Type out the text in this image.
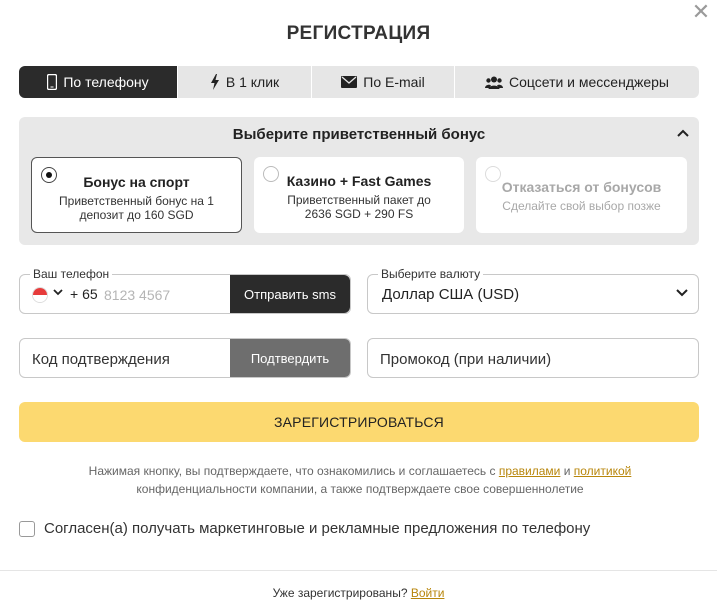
✕
РЕГИСТРАЦИЯ
По телефону	В 1 клик	По E-mail	Соцсети и мессенджеры
Выберите приветственный бонус
Бонус на спорт
Приветственный бонус на 1
депозит до 160 SGD
Казино + Fast Games
Приветственный пакет до
2636 SGD + 290 FS
Отказаться от бонусов
Сделайте свой выбор позже
Ваш телефон
+ 65
8123 4567	Отправить sms
Выберите валюту
Доллар США (USD)
Код подтверждения
Подтвердить
Промокод (при наличии)
ЗАРЕГИСТРИРОВАТЬСЯ
Нажимая кнопку, вы подтверждаете, что ознакомились и соглашаетесь с правилами и политикой
конфиденциальности компании, а также подтверждаете свое совершеннолетие
Согласен(а) получать маркетинговые и рекламные предложения по телефону
Уже зарегистрированы? Войти
